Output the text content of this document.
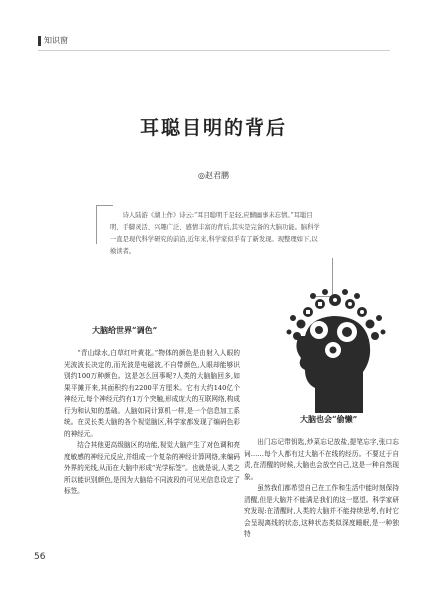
知识窗
耳聪目明的背后
◎赵君鹏
诗人陆游《湖上作》诗云:“耳目聪明千足轻,应醐幽事未忘情。”耳聪目明、手脚灵活、兴趣广泛、感情丰富的背后,其实是完备的大脑功能。脑科学一直是现代科学研究的前沿,近年来,科学家似乎有了新发现。现整理如下,以飨读者。
大脑给世界“调色”

“青山绿水,白草红叶黄花。”物体的颜色是由射入人眼的光波波长决定的,而光波是电磁波,不自带颜色,人眼却能够识别约100万种颜色。这是怎么回事呢?人类的大脑脑回多,如果平摊开来,其面积约有2200平方厘米。它有大约140亿个神经元,每个神经元约有1万个突触,形成庞大的互联网络,构成行为和认知的基础。人脑如同计算机一样,是一个信息加工系统。在灵长类大脑的各个视觉脑区,科学家都发现了编码色彩的神经元。

结合其他更高级脑区的功能,视觉大脑产生了对色调和亮度敏感的神经元反应,并组成一个复杂的神经计算网络,来编码外界的光线,从而在大脑中形成“光学标签”。也就是说,人类之所以能识别颜色,是因为大脑给不同波段的可见光信息设定了标签。

大脑也会“偷懒”

出门忘记带钥匙,炒菜忘记放盐,提笔忘字,张口忘词……每个人都有过大脑不在线的经历。不要过于自责,在清醒的时候,大脑也会放空自己,这是一种自然现象。

虽然我们都希望自己在工作和生活中能时刻保持清醒,但是大脑并不能满足我们的这一愿望。科学家研究发现:在清醒时,人类的大脑并不能持续思考,有时它会呈现离线的状态,这种状态类似深度睡眠,是一种独特

56
